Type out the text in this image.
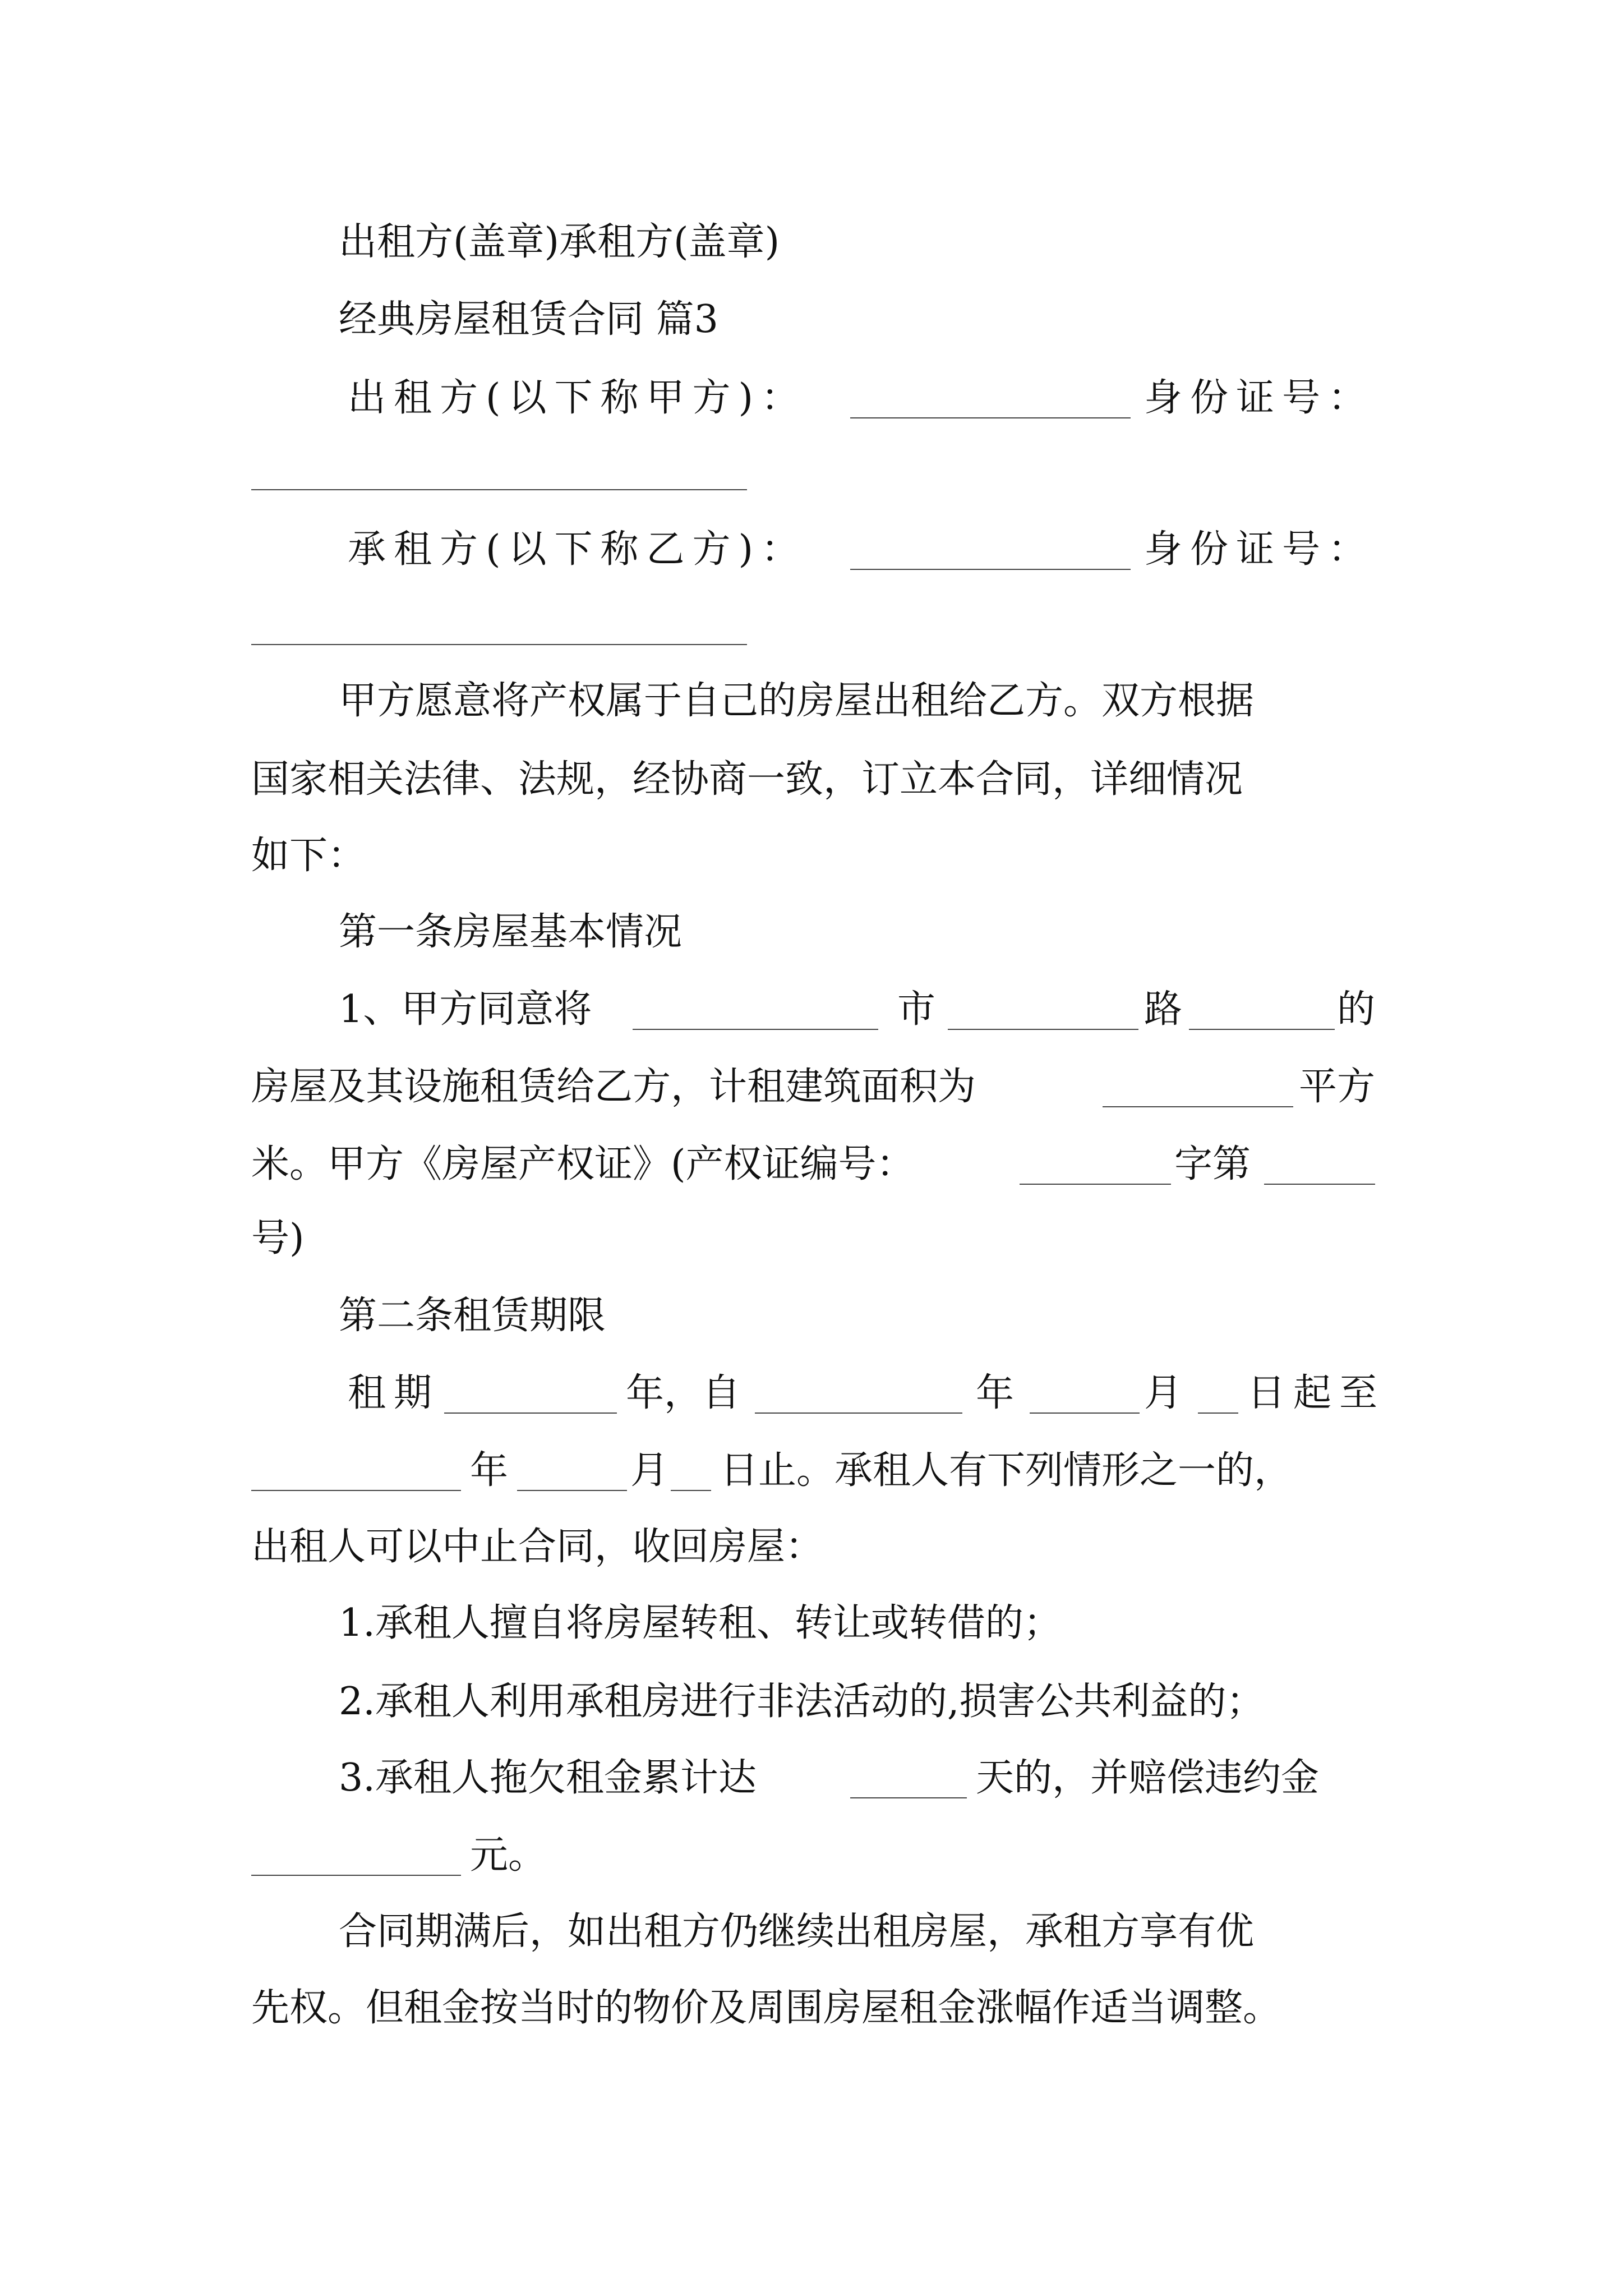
出租方(盖章)承租方(盖章)
经典房屋租赁合同 篇3
出租方(以下称甲方)：	身份证号：
承租方(以下称乙方)：	身份证号：
甲方愿意将产权属于自己的房屋出租给乙方。双方根据
国家相关法律、法规，经协商一致，订立本合同，详细情况
如下：
第一条房屋基本情况
1、甲方同意将	市	路	的
房屋及其设施租赁给乙方，计租建筑面积为	平方
米。甲方《房屋产权证》(产权证编号：	字第
号)
第二条租赁期限
租期	年，自	年	月 日起至
年	月 日止。承租人有下列情形之一的，
出租人可以中止合同，收回房屋：
1.承租人擅自将房屋转租、转让或转借的；
2.承租人利用承租房进行非法活动的,损害公共利益的；
3.承租人拖欠租金累计达	天的，并赔偿违约金
元。
合同期满后，如出租方仍继续出租房屋，承租方享有优
先权。但租金按当时的物价及周围房屋租金涨幅作适当调整。
